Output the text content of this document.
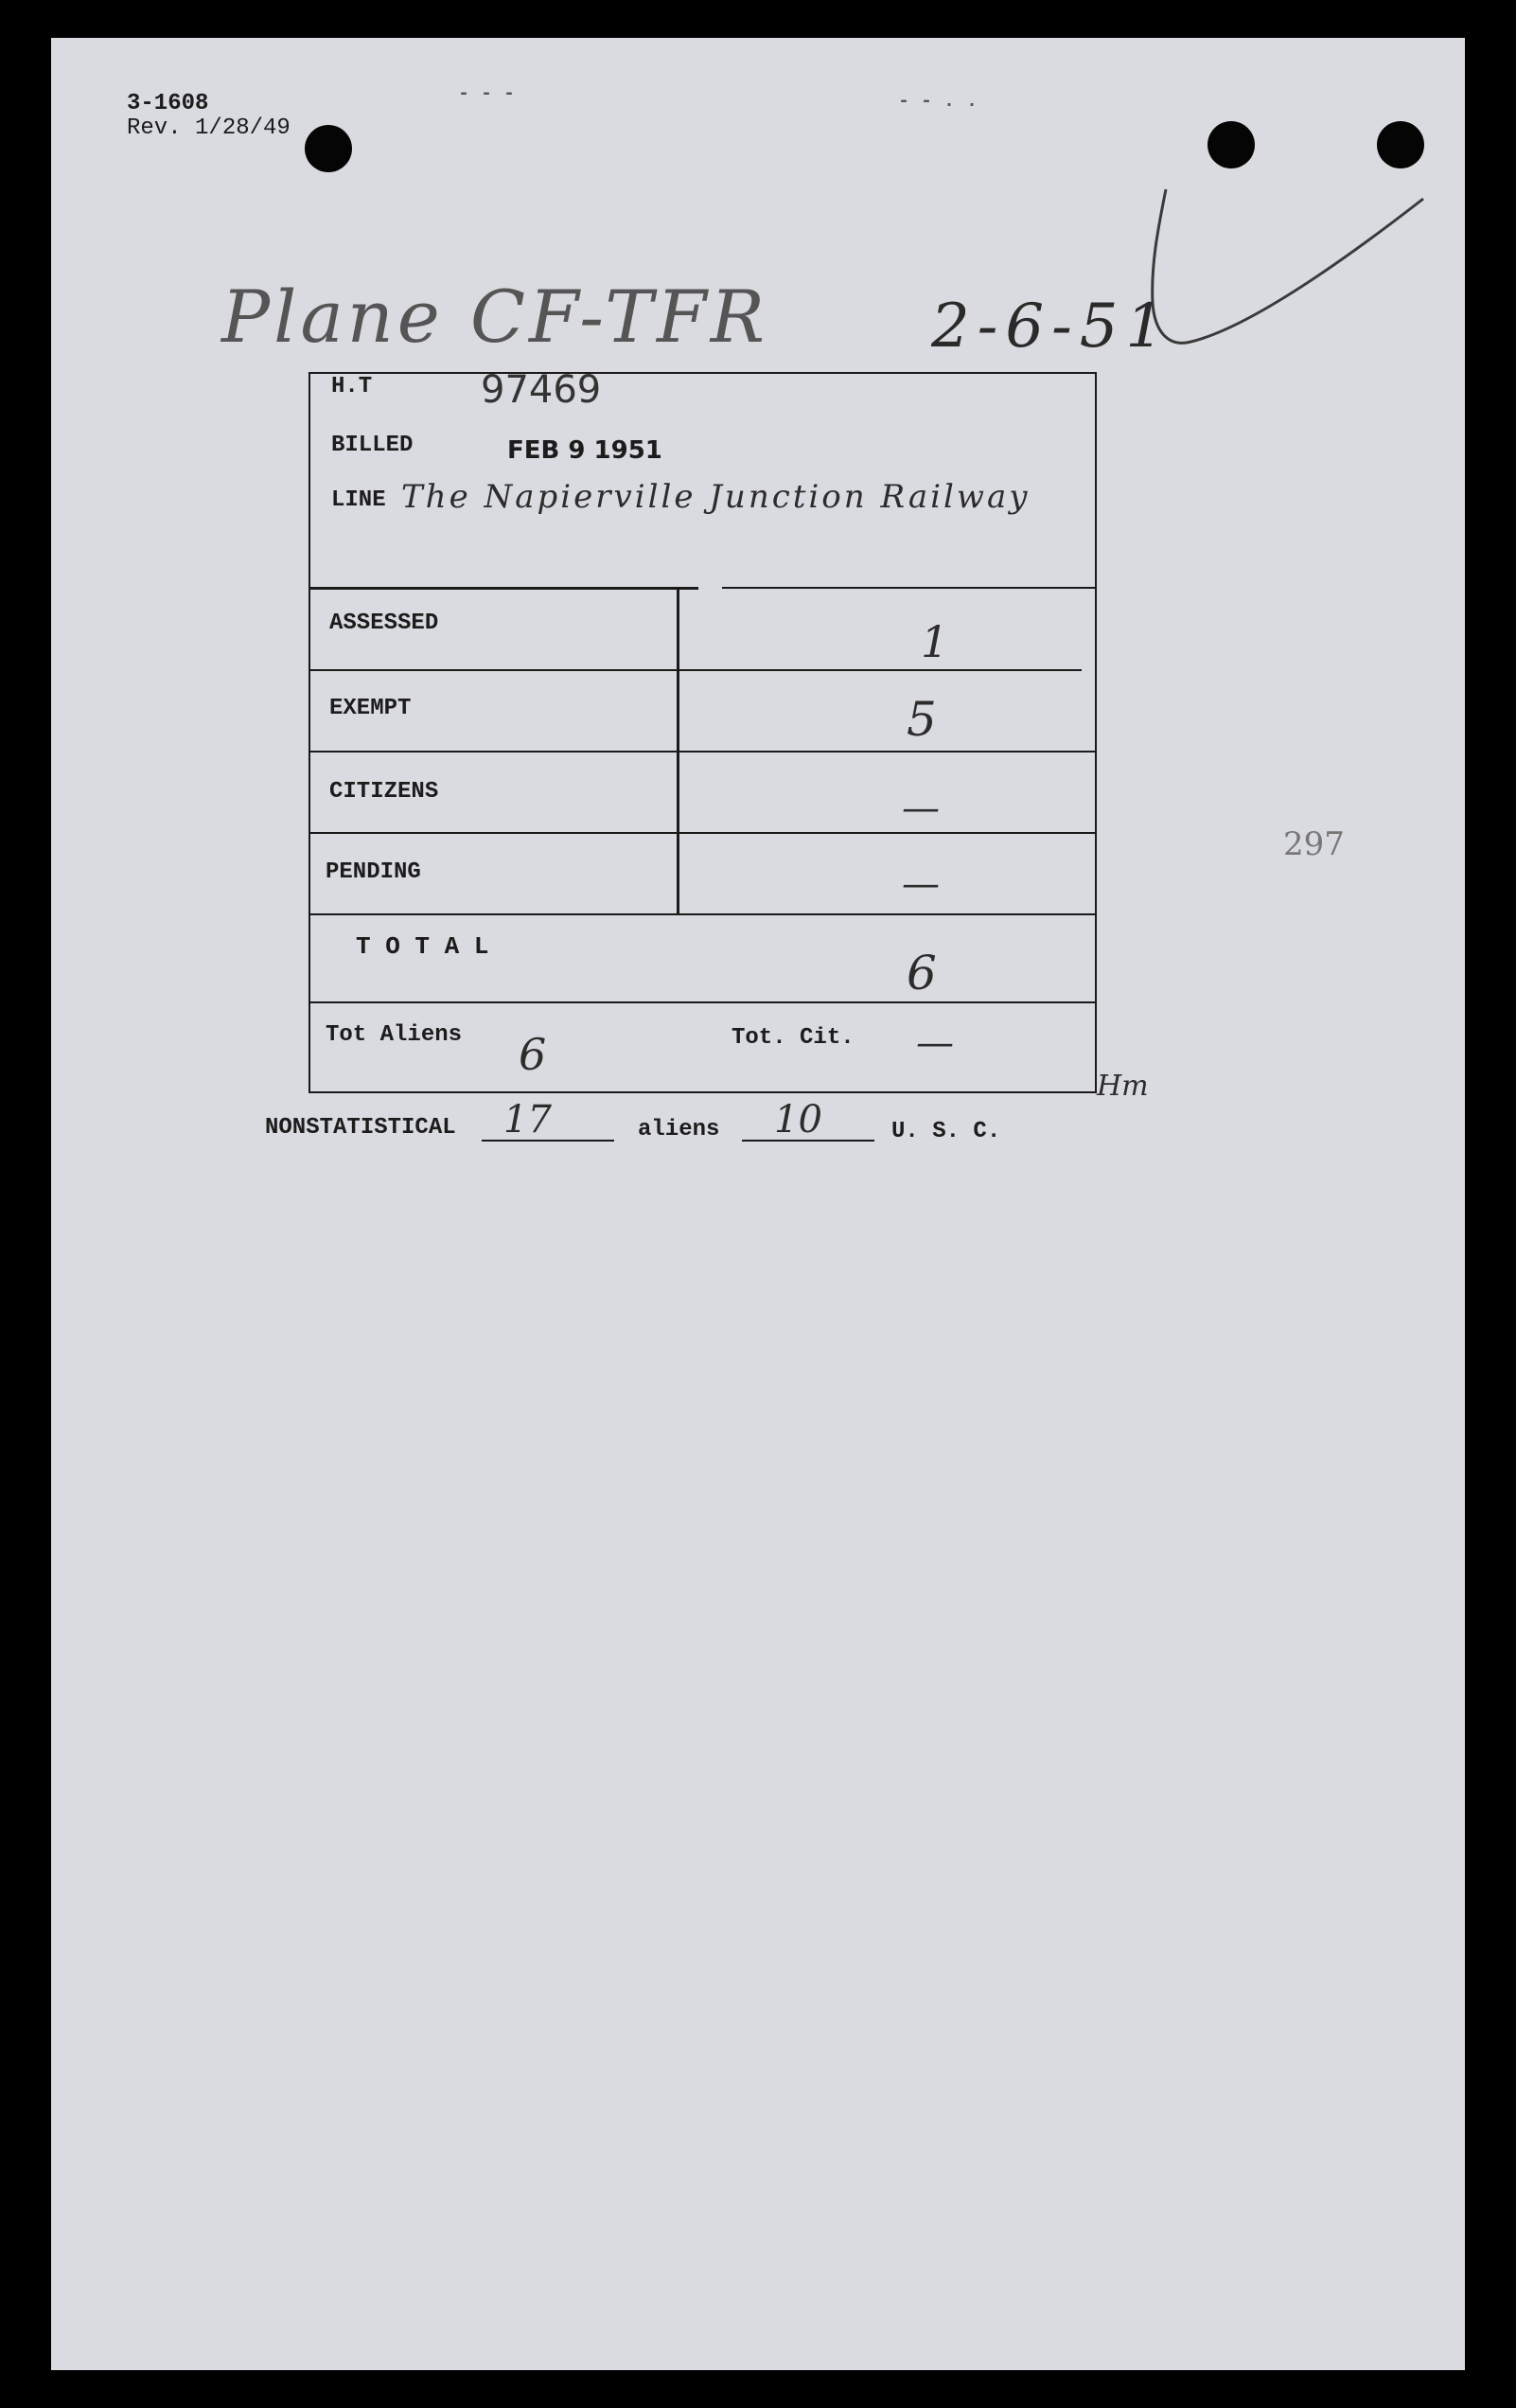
3-1608
Rev. 1/28/49
- - -	- - . .
Plane CF-TFR	2-6-51
297
H.T	97469
BILLED	FEB 9 1951
LINE The Napierville Junction Railway
ASSESSED	1
EXEMPT	5
CITIZENS	—
PENDING	—
T O T A L	6
Tot Aliens 6	Tot. Cit. —
Hm
NONSTATISTICAL 17	aliens 10	U. S. C.
